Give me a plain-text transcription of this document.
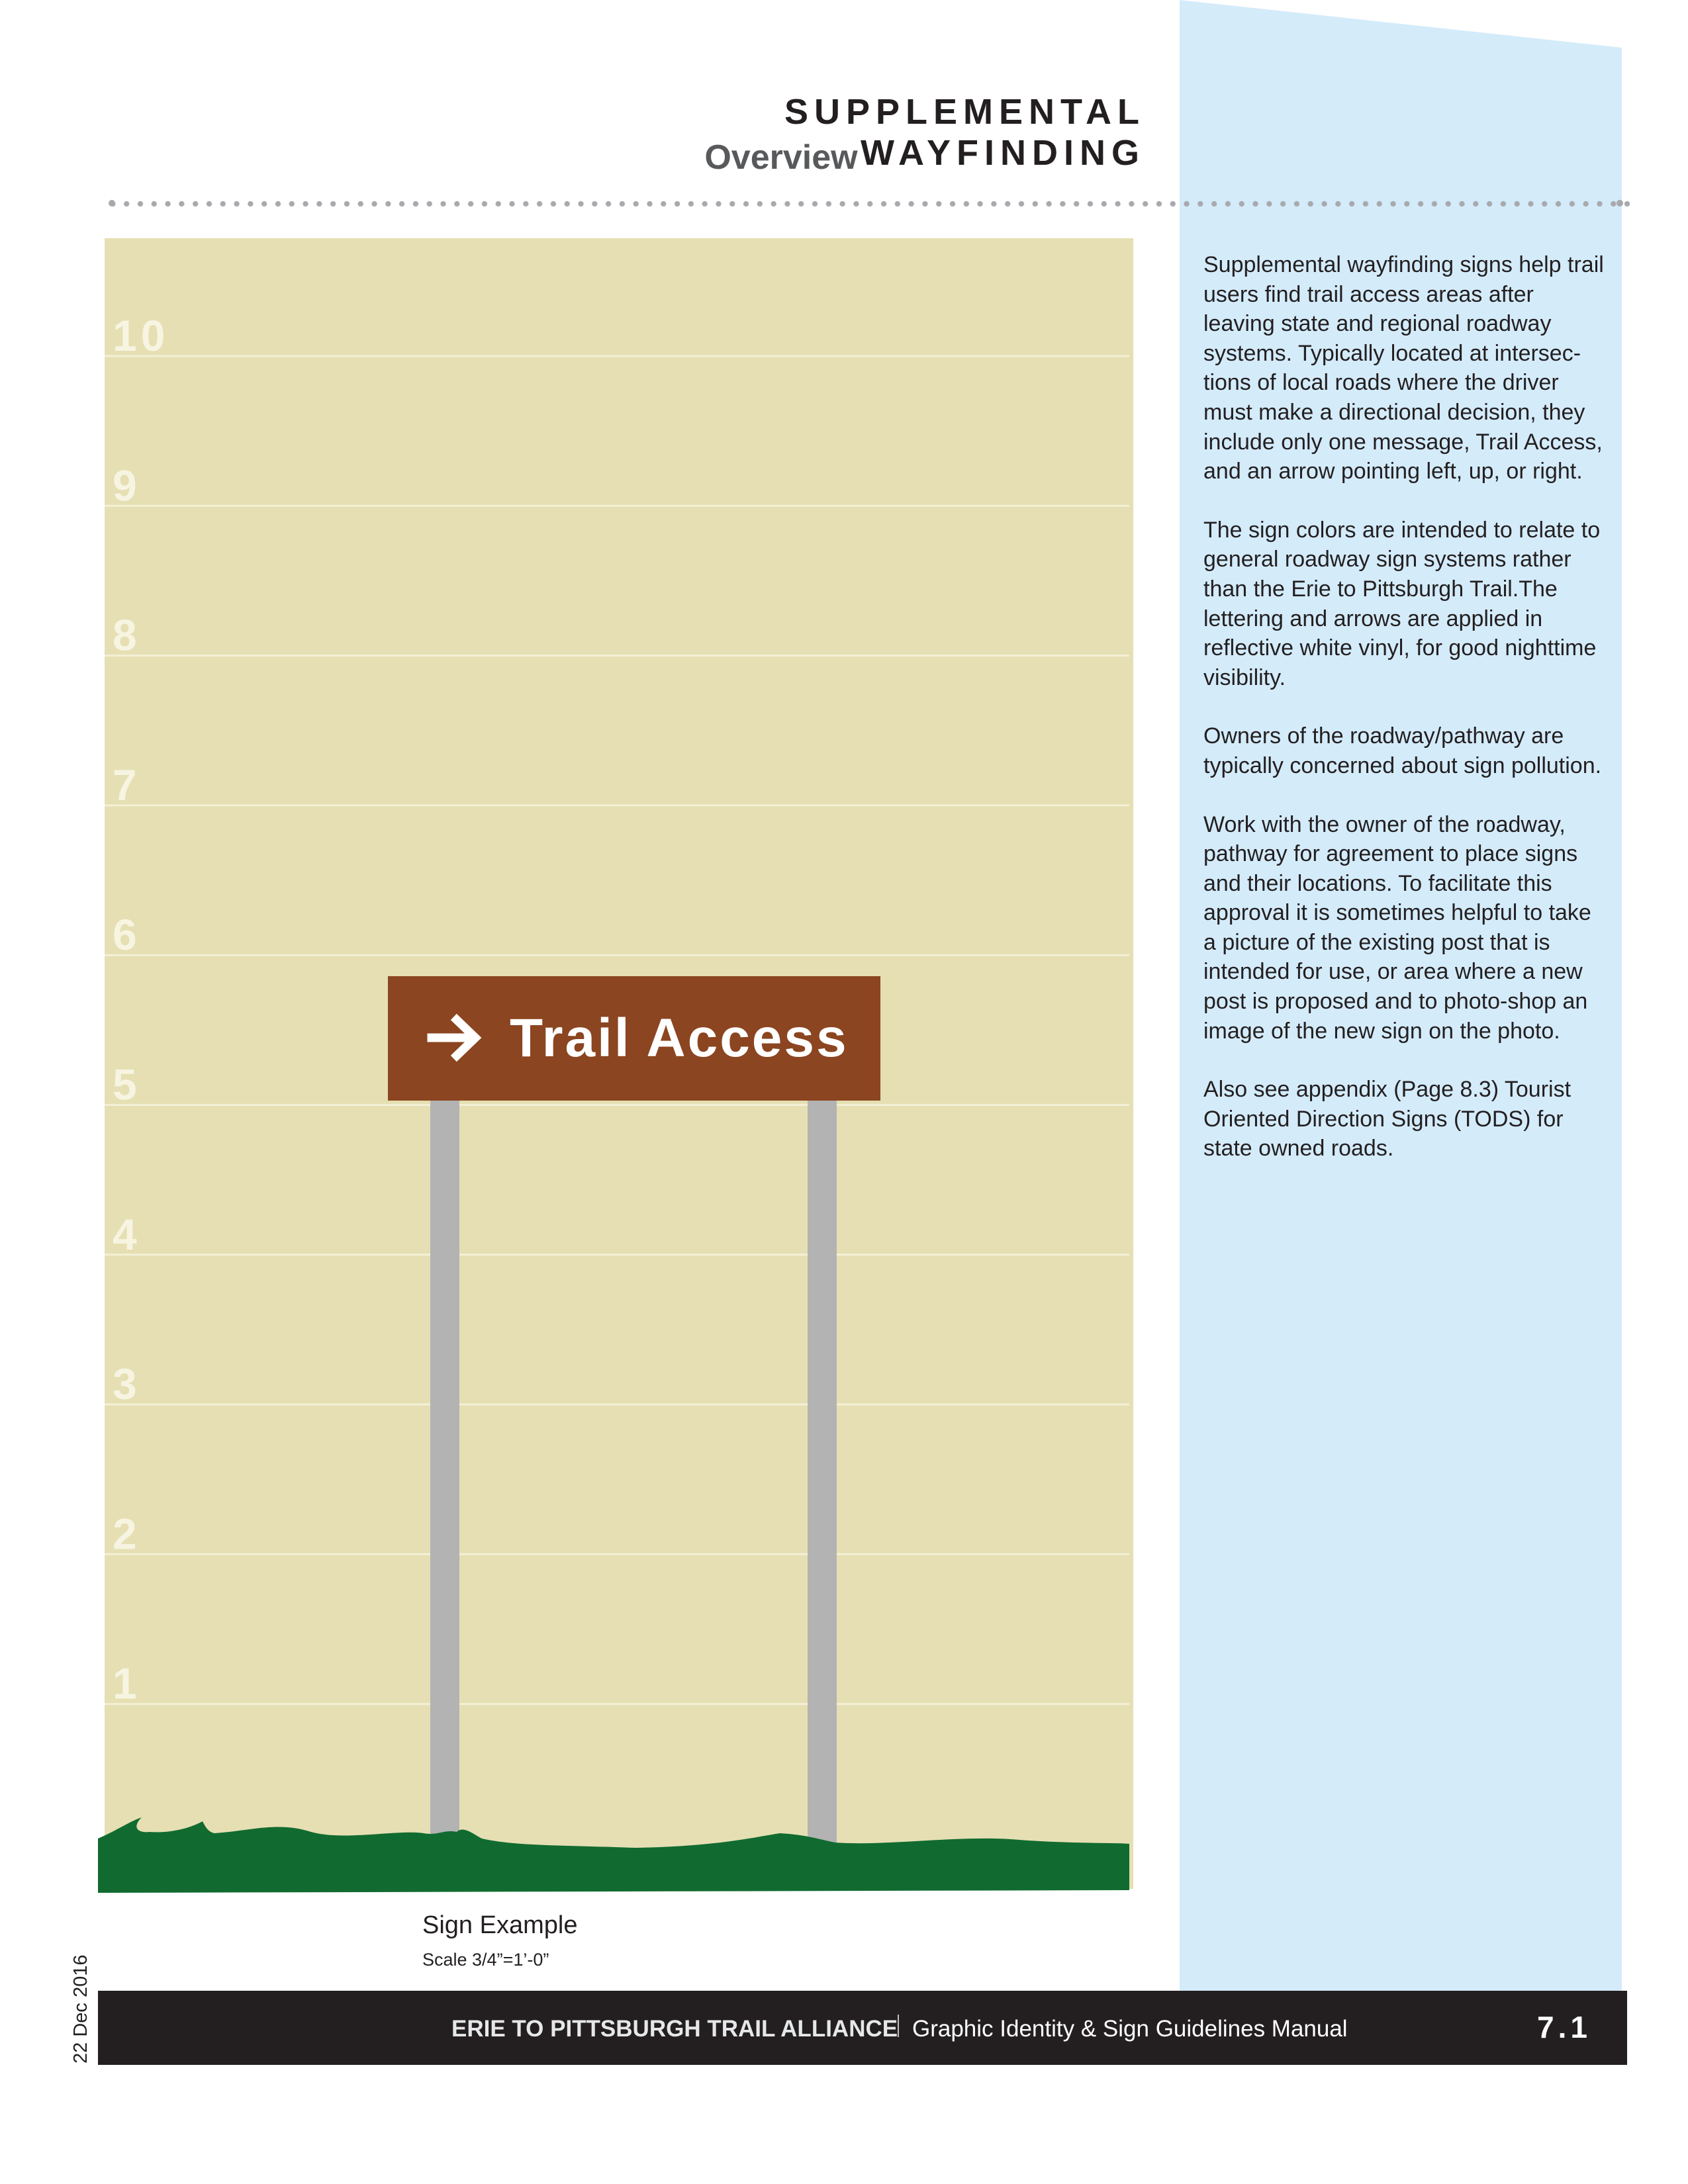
SUPPLEMENTAL WAYFINDING
Overview
10
9
8
7
6
5
4
3
2
1
Trail Access

Supplemental wayfinding signs help trail users find trail access areas after leaving state and regional roadway systems. Typically located at intersec-tions of local roads where the driver must make a directional decision, they include only one message, Trail Access, and an arrow pointing left, up, or right.

The sign colors are intended to relate to general roadway sign systems rather than the Erie to Pittsburgh Trail.The lettering and arrows are applied in reflective white vinyl, for good nighttime visibility.

Owners of the roadway/pathway are typically concerned about sign pollution.

Work with the owner of the roadway, pathway for agreement to place signs and their locations. To facilitate this approval it is sometimes helpful to take a picture of the existing post that is intended for use, or area where a new post is proposed and to photo-shop an image of the new sign on the photo.

Also see appendix (Page 8.3) Tourist Oriented Direction Signs (TODS) for state owned roads.

Sign Example
Scale 3/4”=1’-0”
22 Dec 2016	ERIE TO PITTSBURGH TRAIL ALLIANCE Graphic Identity & Sign Guidelines Manual	7.1
